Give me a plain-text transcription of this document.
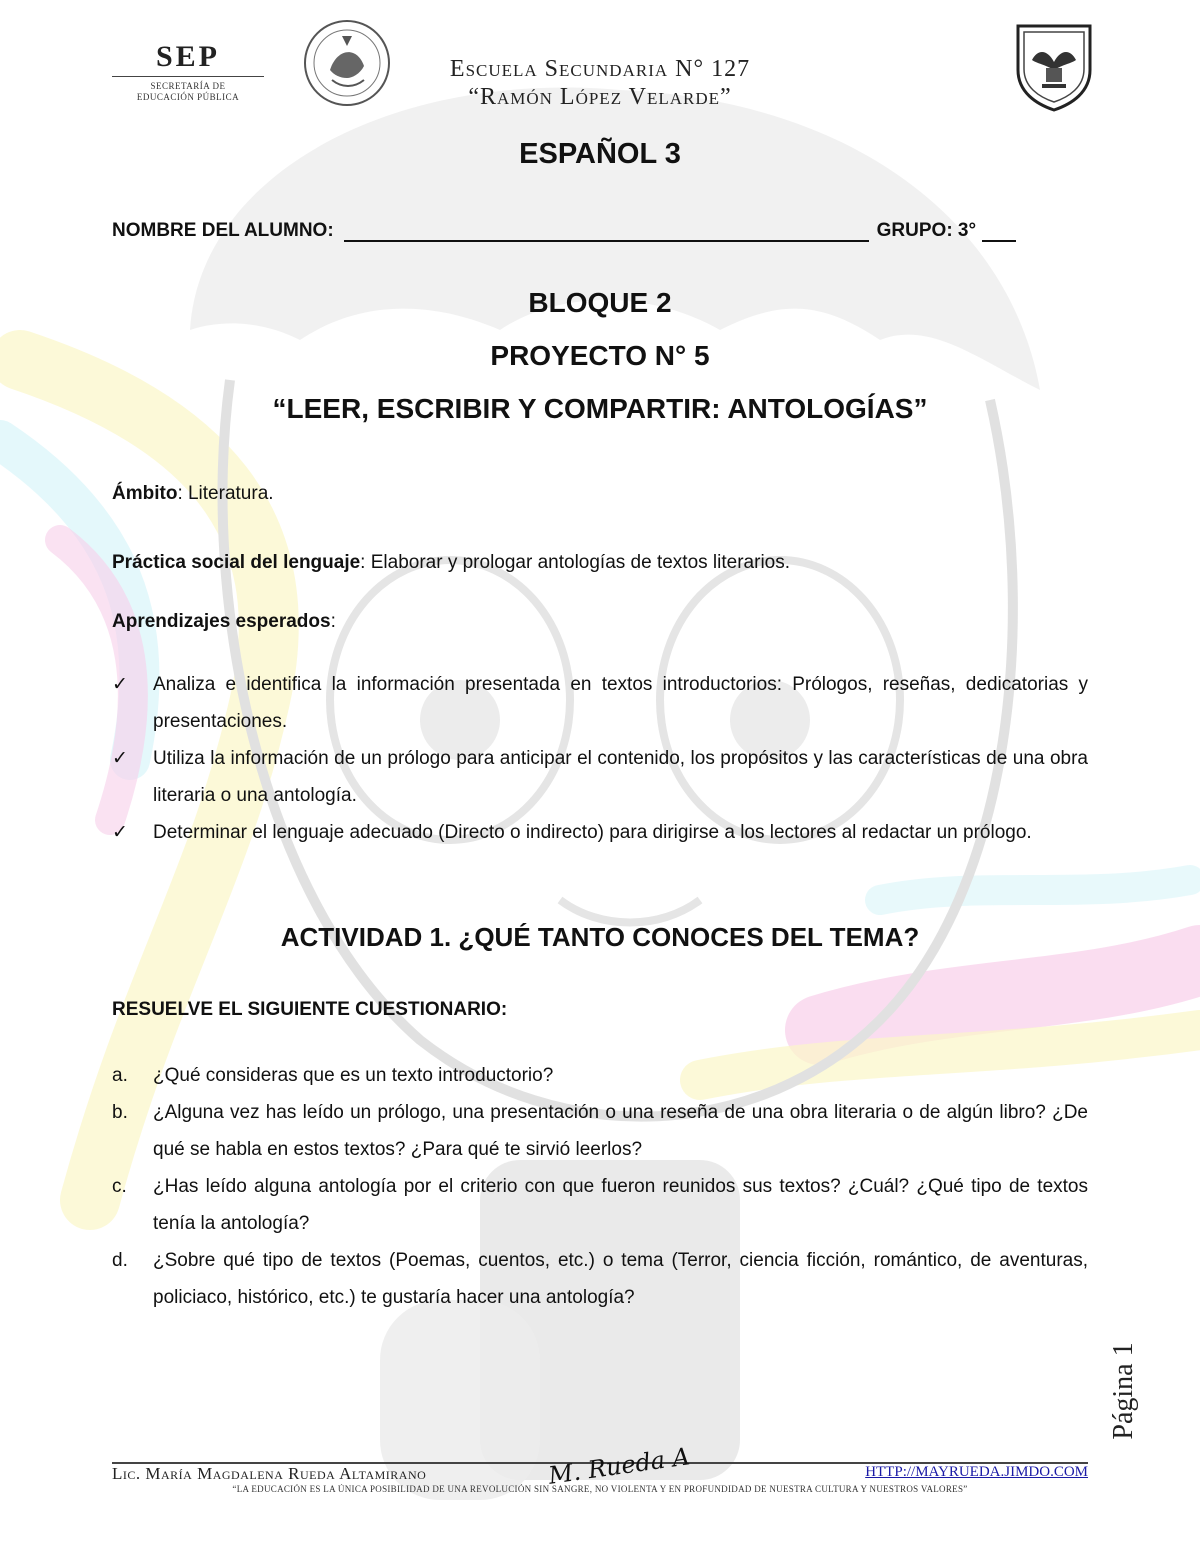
SEP
SECRETARÍA DE
EDUCACIÓN PÚBLICA
Escuela Secundaria N° 127
“Ramón López Velarde”
ESPAÑOL 3
NOMBRE DEL ALUMNO:	GRUPO: 3°
BLOQUE 2
PROYECTO N° 5
“LEER, ESCRIBIR Y COMPARTIR: ANTOLOGÍAS”
Ámbito: Literatura.
Práctica social del lenguaje: Elaborar y prologar antologías de textos literarios.
Aprendizajes esperados:
✓ Analiza e identifica la información presentada en textos introductorios: Prólogos, reseñas, dedicatorias y presentaciones.
✓ Utiliza la información de un prólogo para anticipar el contenido, los propósitos y las características de una obra literaria o una antología.
✓ Determinar el lenguaje adecuado (Directo o indirecto) para dirigirse a los lectores al redactar un prólogo.
ACTIVIDAD 1. ¿QUÉ TANTO CONOCES DEL TEMA?
RESUELVE EL SIGUIENTE CUESTIONARIO:
a. ¿Qué consideras que es un texto introductorio?
b. ¿Alguna vez has leído un prólogo, una presentación o una reseña de una obra literaria o de algún libro? ¿De qué se habla en estos textos? ¿Para qué te sirvió leerlos?
c. ¿Has leído alguna antología por el criterio con que fueron reunidos sus textos? ¿Cuál? ¿Qué tipo de textos tenía la antología?
d. ¿Sobre qué tipo de textos (Poemas, cuentos, etc.) o tema (Terror, ciencia ficción, romántico, de aventuras, policiaco, histórico, etc.) te gustaría hacer una antología?
Página 1
Lic. María Magdalena Rueda Altamirano	M. Rueda A	HTTP://MAYRUEDA.JIMDO.COM
“LA EDUCACIÓN ES LA ÚNICA POSIBILIDAD DE UNA REVOLUCIÓN SIN SANGRE, NO VIOLENTA Y EN PROFUNDIDAD DE NUESTRA CULTURA Y NUESTROS VALORES”
